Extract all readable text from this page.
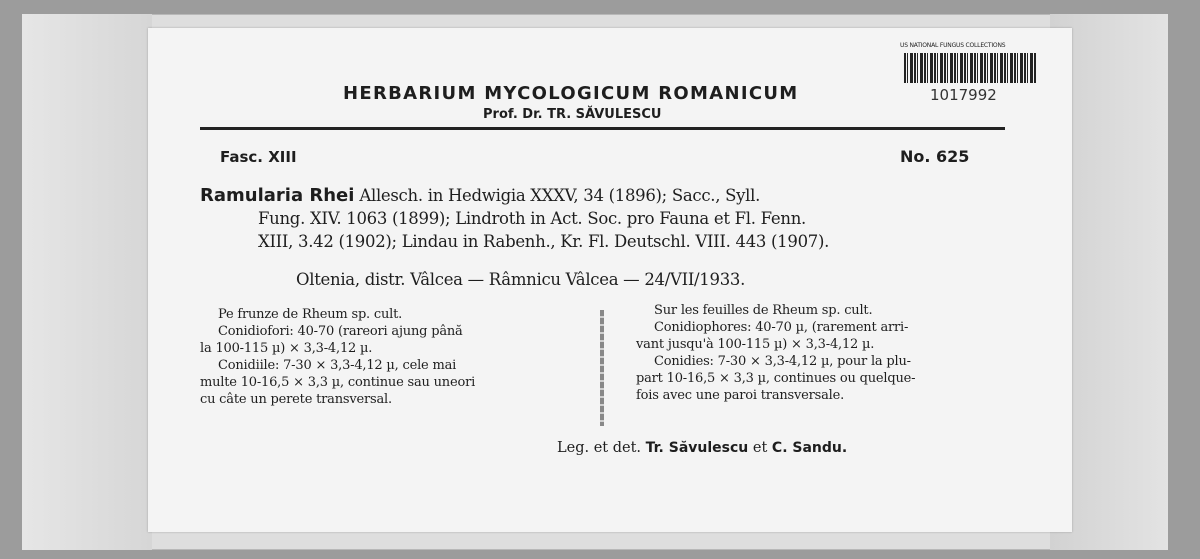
US NATIONAL FUNGUS COLLECTIONS
1017992
HERBARIUM MYCOLOGICUM ROMANICUM
Prof. Dr. TR. SĂVULESCU
Fasc. XIII	No. 625
Ramularia Rhei Allesch. in Hedwigia XXXV, 34 (1896); Sacc., Syll.
Fung. XIV. 1063 (1899); Lindroth in Act. Soc. pro Fauna et Fl. Fenn.
XIII, 3.42 (1902); Lindau in Rabenh., Kr. Fl. Deutschl. VIII. 443 (1907).
Oltenia, distr. Vâlcea — Râmnicu Vâlcea — 24/VII/1933.
Pe frunze de Rheum sp. cult.
Conidiofori: 40-70 (rareori ajung până
la 100-115 µ) × 3,3-4,12 µ.
Conidiile: 7-30 × 3,3-4,12 µ, cele mai
multe 10-16,5 × 3,3 µ, continue sau uneori
cu câte un perete transversal.
Sur les feuilles de Rheum sp. cult.
Conidiophores: 40-70 µ, (rarement arri-
vant jusqu'à 100-115 µ) × 3,3-4,12 µ.
Conidies: 7-30 × 3,3-4,12 µ, pour la plu-
part 10-16,5 × 3,3 µ, continues ou quelque-
fois avec une paroi transversale.
Leg. et det. Tr. Săvulescu et C. Sandu.
